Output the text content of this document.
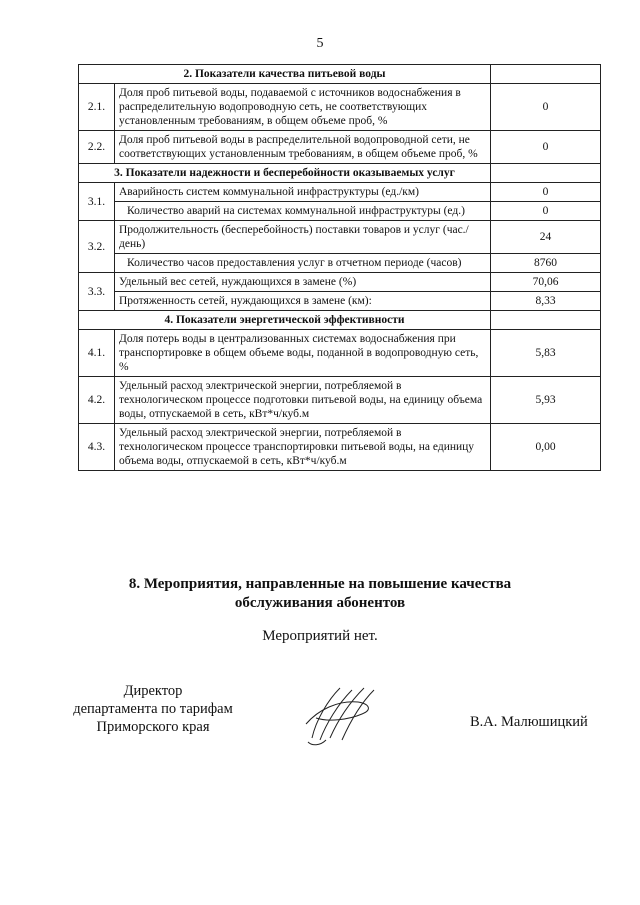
5
2. Показатели качества питьевой воды		
2.1.	Доля проб питьевой воды, подаваемой с источников водоснабжения в распределительную водопроводную сеть, не соответствующих установленным требованиям, в общем объеме проб, %	0
2.2.	Доля проб питьевой воды в распределительной водопроводной сети, не соответствующих установленным требованиям, в общем объеме проб, %	0
3. Показатели надежности и бесперебойности оказываемых услуг		
3.1.	Аварийность систем коммунальной инфраструктуры (ед./км)	0
	Количество аварий на системах коммунальной инфраструктуры (ед.)	0
3.2.	Продолжительность (бесперебойность) поставки товаров и услуг (час./день)	24
	Количество часов предоставления услуг в отчетном периоде (часов)	8760
3.3.	Удельный вес сетей, нуждающихся в замене (%)	70,06
	Протяженность сетей, нуждающихся в замене (км):	8,33
4. Показатели энергетической эффективности		
4.1.	Доля потерь воды в централизованных системах водоснабжения при транспортировке в общем объеме воды, поданной в водопроводную сеть, %	5,83
4.2.	Удельный расход электрической энергии, потребляемой в технологическом процессе подготовки питьевой воды, на единицу объема воды, отпускаемой в сеть, кВт*ч/куб.м	5,93
4.3.	Удельный расход электрической энергии, потребляемой в технологическом процессе транспортировки питьевой воды, на единицу объема воды, отпускаемой в сеть, кВт*ч/куб.м	0,00
8. Мероприятия, направленные на повышение качества
обслуживания абонентов
Мероприятий нет.
Директор
департамента по тарифам
Приморского края	В.А. Малюшицкий
